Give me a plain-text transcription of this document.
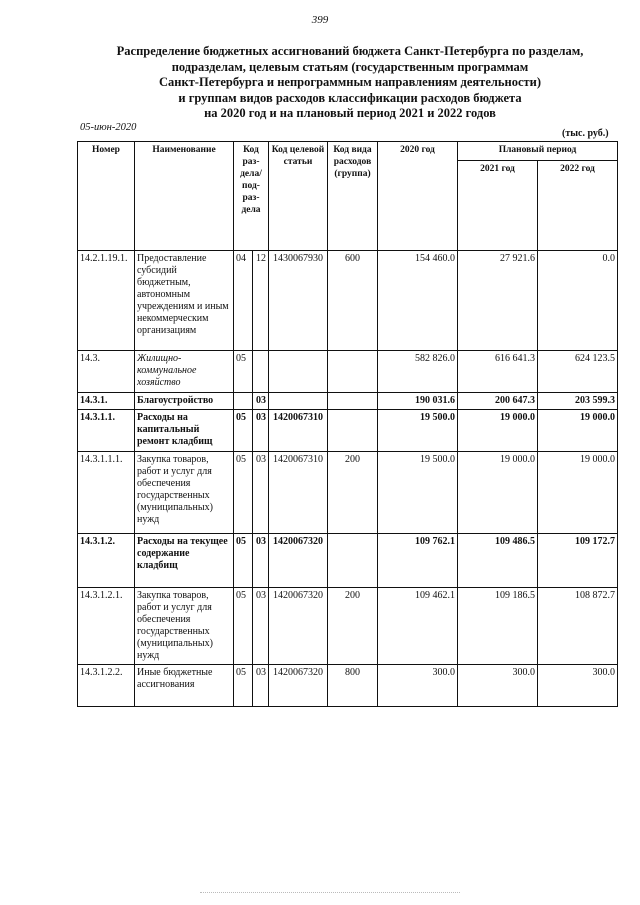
399
Распределение бюджетных ассигнований бюджета Санкт-Петербурга по разделам,
подразделам, целевым статьям (государственным программам
Санкт-Петербурга и непрограммным направлениям деятельности)
и группам видов расходов классификации расходов бюджета
на 2020 год и на плановый период 2021 и 2022 годов
05-июн-2020
(тыс. руб.)
Номер	Наименование	Код раз-дела/ под-раз-дела		Код целевой статьи	Код вида расходов (группа)	2020 год	Плановый период	
							2021 год	2022 год
14.2.1.19.1.	Предоставление субсидий бюджетным, автономным учреждениям и иным некоммерческим организациям	04	12	1430067930	600	154 460.0	27 921.6	0.0
14.3.	Жилищно-коммунальное хозяйство	05				582 826.0	616 641.3	624 123.5
14.3.1.	Благоустройство		03			190 031.6	200 647.3	203 599.3
14.3.1.1.	Расходы на капитальный ремонт кладбищ	05	03	1420067310		19 500.0	19 000.0	19 000.0
14.3.1.1.1.	Закупка товаров, работ и услуг для обеспечения государственных (муниципальных) нужд	05	03	1420067310	200	19 500.0	19 000.0	19 000.0
14.3.1.2.	Расходы на текущее содержание кладбищ	05	03	1420067320		109 762.1	109 486.5	109 172.7
14.3.1.2.1.	Закупка товаров, работ и услуг для обеспечения государственных (муниципальных) нужд	05	03	1420067320	200	109 462.1	109 186.5	108 872.7
14.3.1.2.2.	Иные бюджетные ассигнования	05	03	1420067320	800	300.0	300.0	300.0
